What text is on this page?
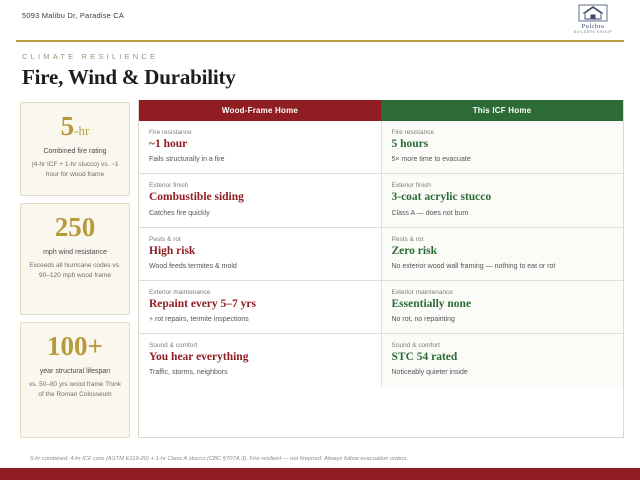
5093 Malibu Dr, Paradise CA
Pulchra
BUILDERS GROUP
CLIMATE RESILIENCE
Fire, Wind & Durability
5-hr
Combined fire rating
(4-hr ICF + 1-hr stucco) vs. ~1 hour for wood frame
250
mph wind resistance
Exceeds all hurricane codes vs. 90–120 mph wood frame
100+
year structural lifespan
vs. 50–80 yrs wood frame Think of the Roman Colosseum
Wood-Frame Home	This ICF Home
Fire resistance
~1 hour
Fails structurally in a fire
Fire resistance
5 hours
5× more time to evacuate
Exterior finish
Combustible siding
Catches fire quickly
Exterior finish
3-coat acrylic stucco
Class A — does not burn
Pests & rot
High risk
Wood feeds termites & mold
Pests & rot
Zero risk
No exterior wood wall framing — nothing to eat or rot
Exterior maintenance
Repaint every 5–7 yrs
+ rot repairs, termite inspections
Exterior maintenance
Essentially none
No rot, no repainting
Sound & comfort
You hear everything
Traffic, storms, neighbors
Sound & comfort
STC 54 rated
Noticeably quieter inside
5-hr combined: 4-hr ICF core (ASTM E119-20) + 1-hr Class A stucco (CBC §707A.3). Fire resilient — not fireproof. Always follow evacuation orders.
